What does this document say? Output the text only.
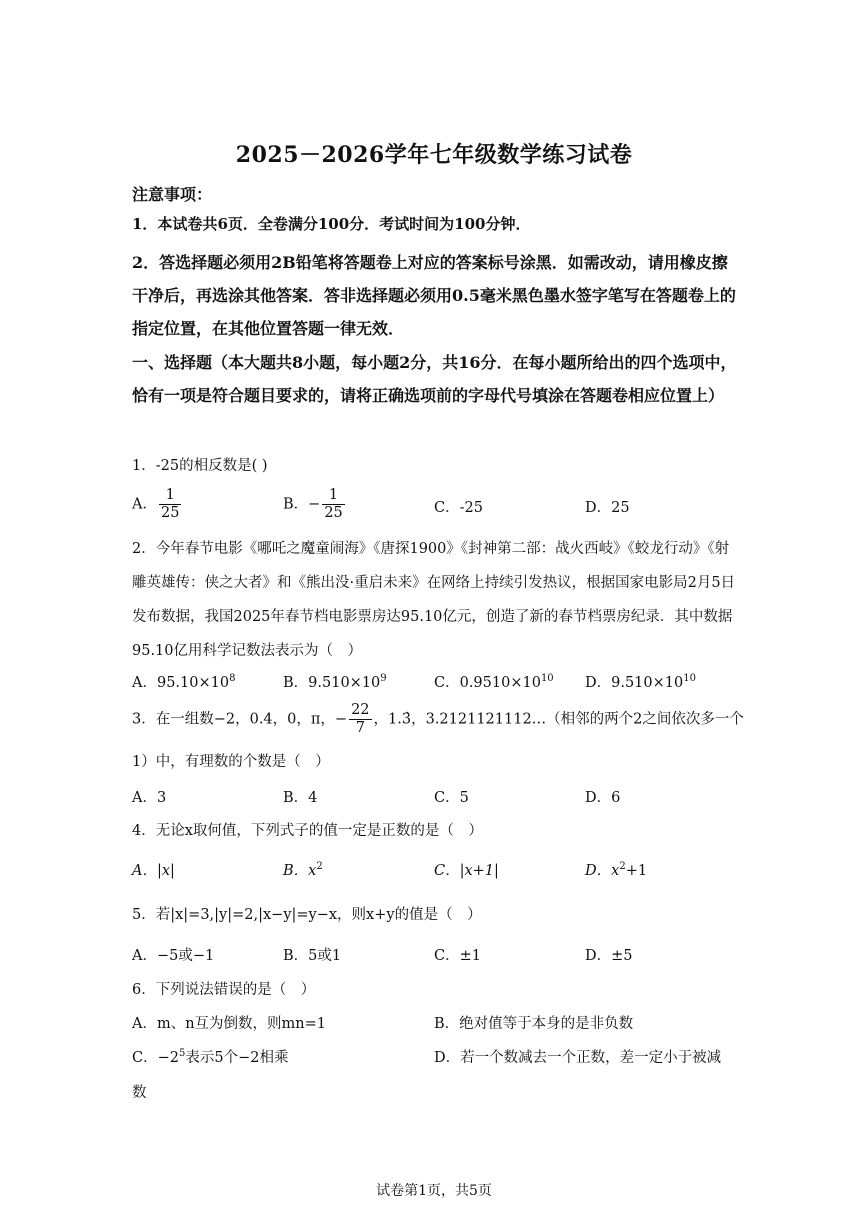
2025－2026学年七年级数学练习试卷
注意事项：
1．本试卷共6页．全卷满分100分．考试时间为100分钟．
2．答选择题必须用2B铅笔将答题卷上对应的答案标号涂黑．如需改动，请用橡皮擦干净后，再选涂其他答案．答非选择题必须用0.5毫米黑色墨水签字笔写在答题卷上的指定位置，在其他位置答题一律无效．
一、选择题（本大题共8小题，每小题2分，共16分．在每小题所给出的四个选项中，恰有一项是符合题目要求的，请将正确选项前的字母代号填涂在答题卷相应位置上）
1．-25的相反数是( )
A． $\frac{1}{25}$	B．− $\frac{1}{25}$	C．-25	D．25
2．今年春节电影《哪吒之魔童闹海》《唐探1900》《封神第二部：战火西岐》《蛟龙行动》《射雕英雄传：侠之大者》和《熊出没·重启未来》在网络上持续引发热议，根据国家电影局2月5日发布数据，我国2025年春节档电影票房达95.10亿元，创造了新的春节档票房纪录．其中数据95.10亿用科学记数法表示为（　）
A．$95.10\times 10^8$	B．$9.510\times 10^9$	C．$0.9510\times 10^{10}$ D．$9.510\times 10^{10}$
3．在一组数−2，0.4，0，π，− $\frac{22}{7}$ ，1.3̇，3.2121121112…（相邻的两个2之间依次多一个
1）中，有理数的个数是（　）
A．3	B．4	C．5	D．6
4．无论x取何值，下列式子的值一定是正数的是（　）
A．|x|	B．$x^2$	C．|x+1|	D．$x^2+1$
5．若|x|=3,|y|=2,|x−y|=y−x，则x+y的值是（　）
A．−5或−1	B．5或1	C．±1	D．±5
6．下列说法错误的是（　）
A．m、n互为倒数，则mn=1	B．绝对值等于本身的是非负数
C．$-2^5$表示5个−2相乘	D．若一个数减去一个正数，差一定小于被减
数
试卷第1页，共5页
